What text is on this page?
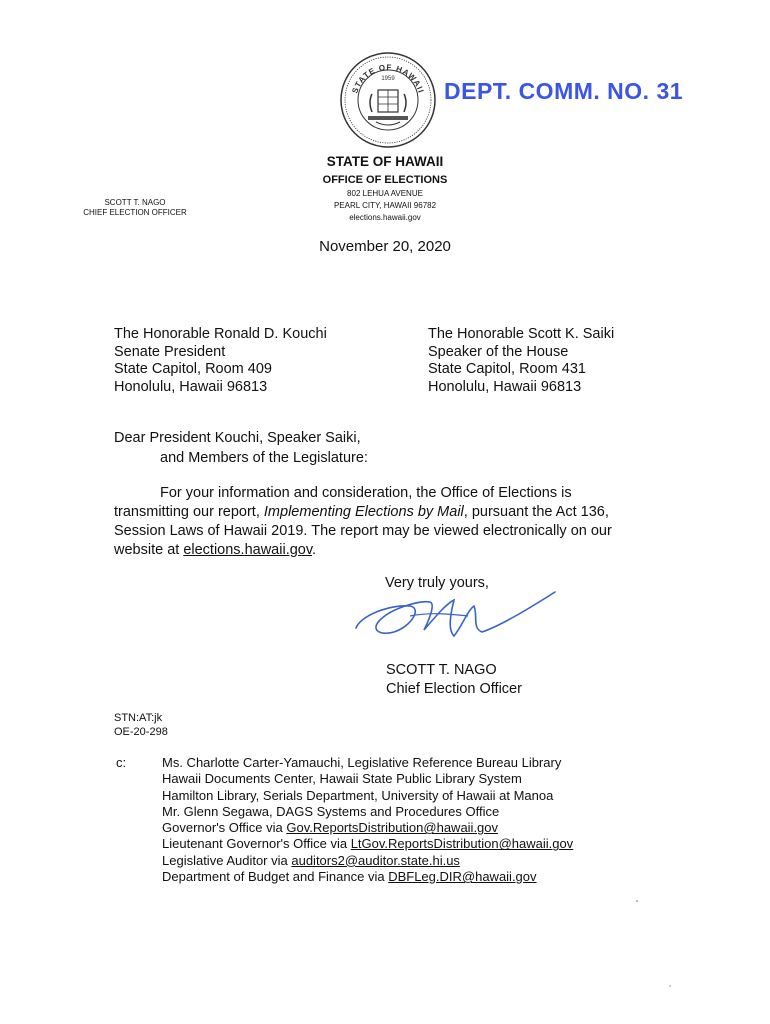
STATE OF HAWAII
1959 DEPT. COMM. NO. 31
STATE OF HAWAII
OFFICE OF ELECTIONS
802 LEHUA AVENUE
PEARL CITY, HAWAII 96782
elections.hawaii.gov
SCOTT T. NAGO
CHIEF ELECTION OFFICER
November 20, 2020
The Honorable Ronald D. Kouchi
Senate President
State Capitol, Room 409
Honolulu, Hawaii 96813
The Honorable Scott K. Saiki
Speaker of the House
State Capitol, Room 431
Honolulu, Hawaii 96813
Dear President Kouchi, Speaker Saiki,
and Members of the Legislature:
For your information and consideration, the Office of Elections is
transmitting our report, Implementing Elections by Mail, pursuant the Act 136,
Session Laws of Hawaii 2019. The report may be viewed electronically on our
website at elections.hawaii.gov.
Very truly yours,
SCOTT T. NAGO
Chief Election Officer
STN:AT:jk
OE-20-298
c:	Ms. Charlotte Carter-Yamauchi, Legislative Reference Bureau Library
Hawaii Documents Center, Hawaii State Public Library System
Hamilton Library, Serials Department, University of Hawaii at Manoa
Mr. Glenn Segawa, DAGS Systems and Procedures Office
Governor's Office via Gov.ReportsDistribution@hawaii.gov
Lieutenant Governor's Office via LtGov.ReportsDistribution@hawaii.gov
Legislative Auditor via auditors2@auditor.state.hi.us
Department of Budget and Finance via DBFLeg.DIR@hawaii.gov
